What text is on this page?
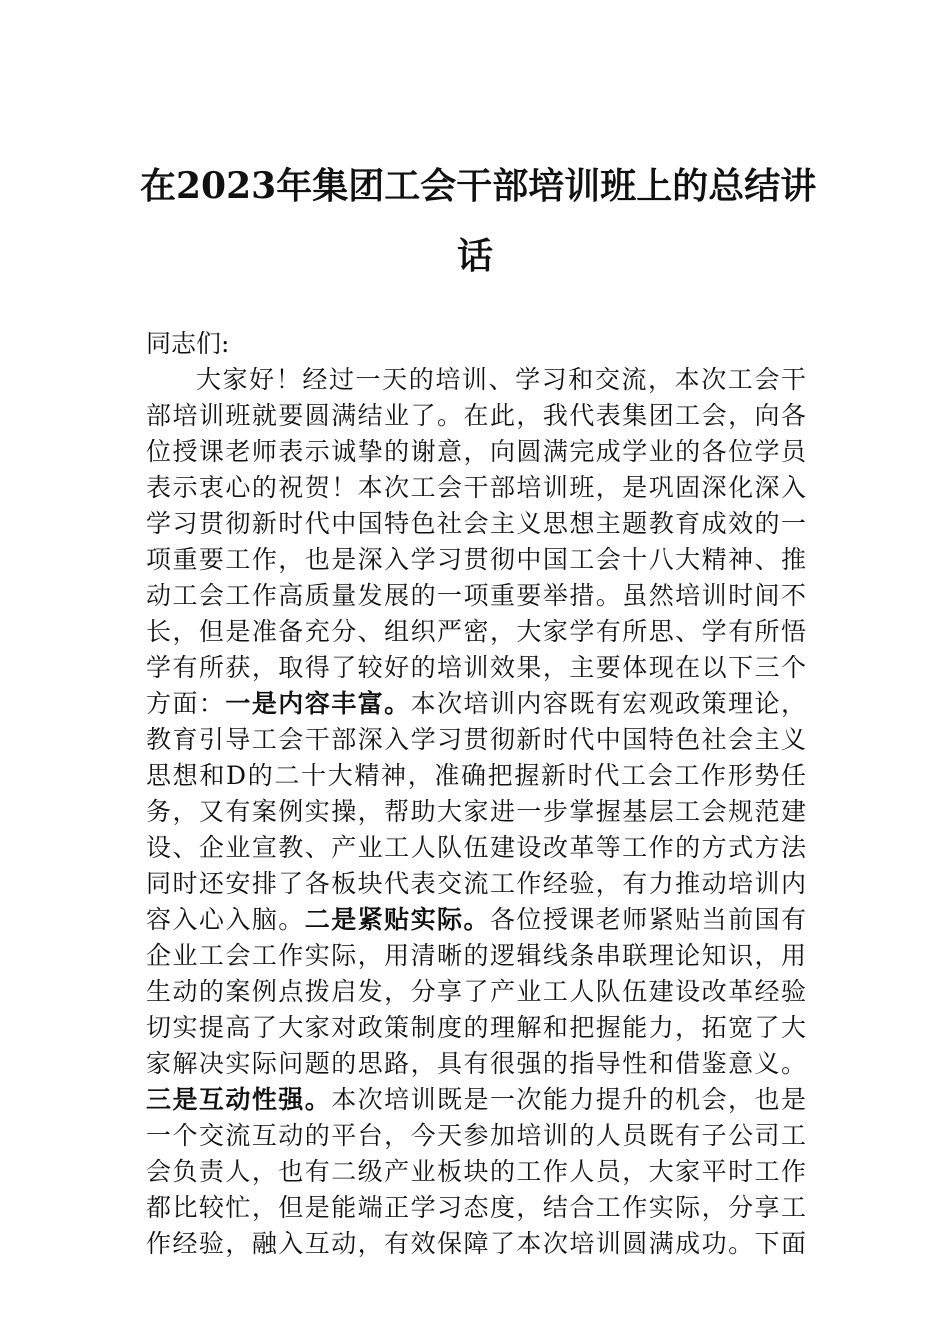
在2023年集团工会干部培训班上的总结讲
话
同志们:
大家好！经过一天的培训、学习和交流，本次工会干
部培训班就要圆满结业了。在此，我代表集团工会，向各
位授课老师表示诚挚的谢意，向圆满完成学业的各位学员
表示衷心的祝贺！本次工会干部培训班，是巩固深化深入
学习贯彻新时代中国特色社会主义思想主题教育成效的一
项重要工作，也是深入学习贯彻中国工会十八大精神、推
动工会工作高质量发展的一项重要举措。虽然培训时间不
长，但是准备充分、组织严密，大家学有所思、学有所悟
学有所获，取得了较好的培训效果，主要体现在以下三个
方面：一是内容丰富。本次培训内容既有宏观政策理论，
教育引导工会干部深入学习贯彻新时代中国特色社会主义
思想和D的二十大精神，准确把握新时代工会工作形势任
务，又有案例实操，帮助大家进一步掌握基层工会规范建
设、企业宣教、产业工人队伍建设改革等工作的方式方法
同时还安排了各板块代表交流工作经验，有力推动培训内
容入心入脑。二是紧贴实际。各位授课老师紧贴当前国有
企业工会工作实际，用清晰的逻辑线条串联理论知识，用
生动的案例点拨启发，分享了产业工人队伍建设改革经验
切实提高了大家对政策制度的理解和把握能力，拓宽了大
家解决实际问题的思路，具有很强的指导性和借鉴意义。
三是互动性强。本次培训既是一次能力提升的机会，也是
一个交流互动的平台，今天参加培训的人员既有子公司工
会负责人，也有二级产业板块的工作人员，大家平时工作
都比较忙，但是能端正学习态度，结合工作实际，分享工
作经验，融入互动，有效保障了本次培训圆满成功。下面
